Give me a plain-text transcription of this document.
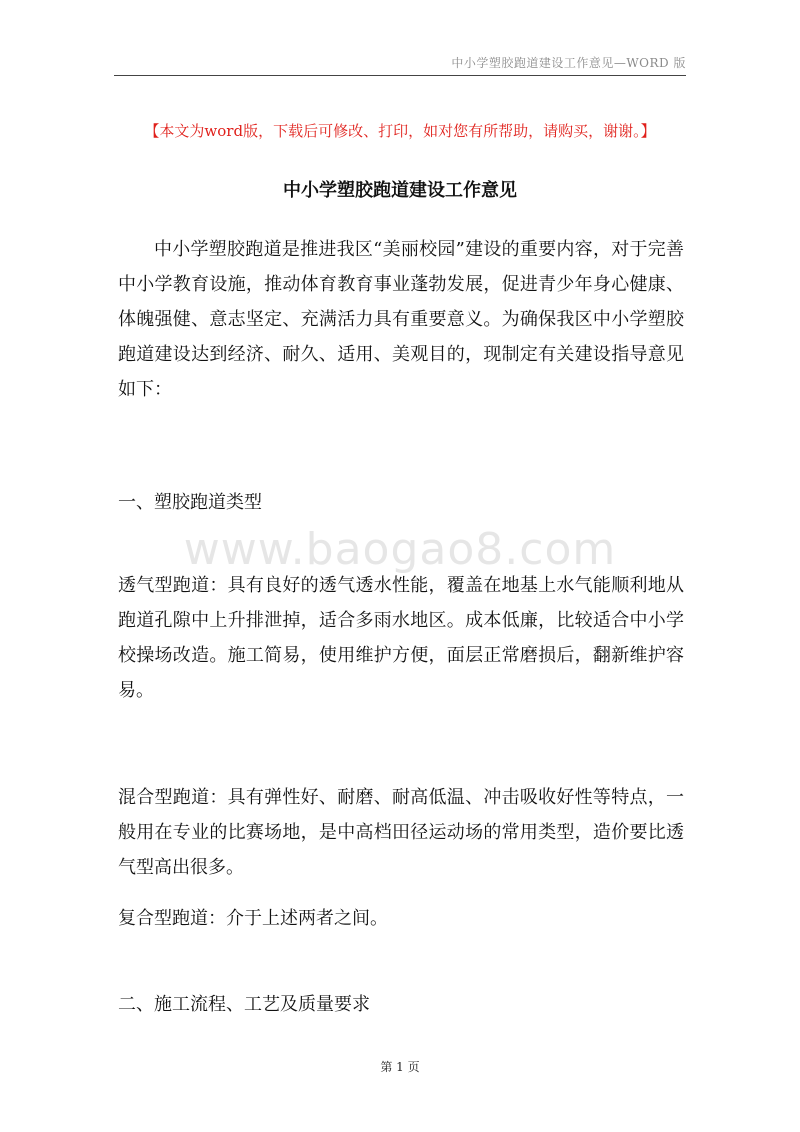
中小学塑胶跑道建设工作意见—WORD 版
【本文为word版，下载后可修改、打印，如对您有所帮助，请购买，谢谢。】
中小学塑胶跑道建设工作意见

中小学塑胶跑道是推进我区“美丽校园”建设的重要内容，对于完善中小学教育设施，推动体育教育事业蓬勃发展，促进青少年身心健康、体魄强健、意志坚定、充满活力具有重要意义。为确保我区中小学塑胶跑道建设达到经济、耐久、适用、美观目的，现制定有关建设指导意见如下：

一、塑胶跑道类型

www.baogao8.com

透气型跑道：具有良好的透气透水性能，覆盖在地基上水气能顺利地从跑道孔隙中上升排泄掉，适合多雨水地区。成本低廉，比较适合中小学校操场改造。施工简易，使用维护方便，面层正常磨损后，翻新维护容易。

混合型跑道：具有弹性好、耐磨、耐高低温、冲击吸收好性等特点，一般用在专业的比赛场地，是中高档田径运动场的常用类型，造价要比透气型高出很多。

复合型跑道：介于上述两者之间。

二、施工流程、工艺及质量要求

第 1 页
